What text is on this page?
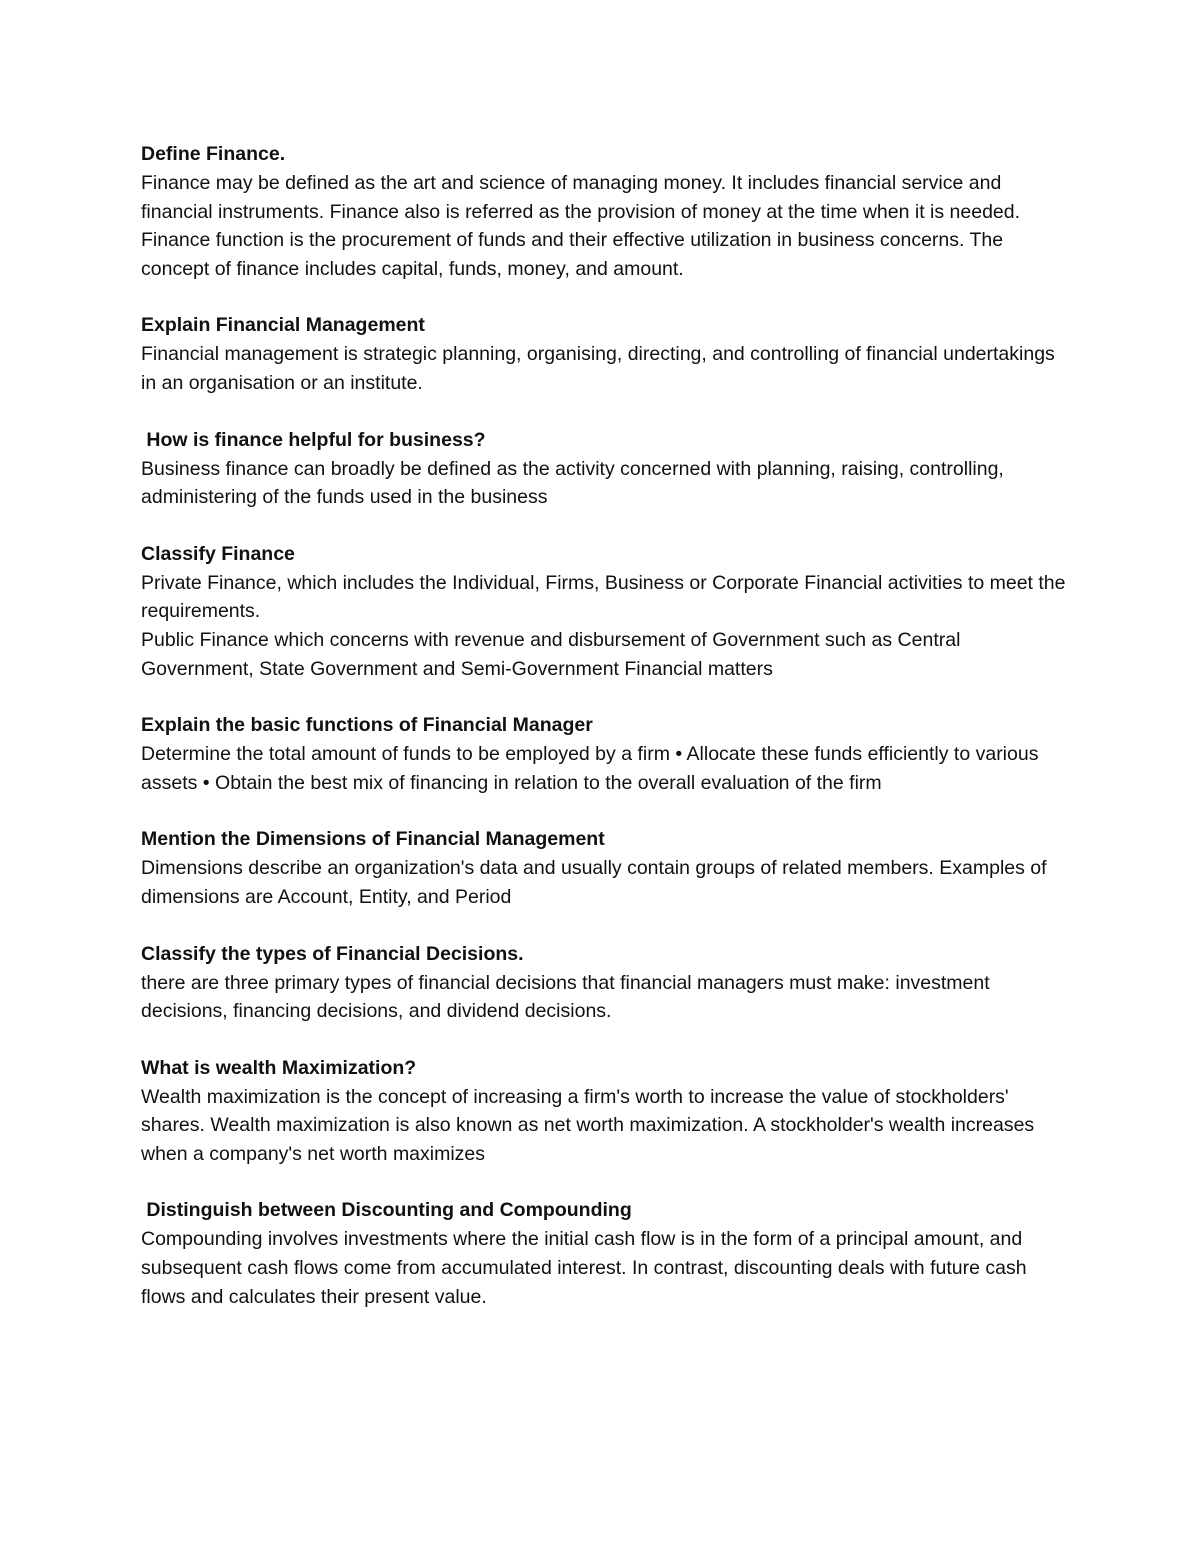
Define Finance.

Finance may be defined as the art and science of managing money. It includes financial service and financial instruments. Finance also is referred as the provision of money at the time when it is needed. Finance function is the procurement of funds and their effective utilization in business concerns. The concept of finance includes capital, funds, money, and amount.

Explain Financial Management

Financial management is strategic planning, organising, directing, and controlling of financial undertakings in an organisation or an institute.

How is finance helpful for business?

Business finance can broadly be defined as the activity concerned with planning, raising, controlling, administering of the funds used in the business

Classify Finance

Private Finance, which includes the Individual, Firms, Business or Corporate Financial activities to meet the requirements.

Public Finance which concerns with revenue and disbursement of Government such as Central Government, State Government and Semi-Government Financial matters

Explain the basic functions of Financial Manager

Determine the total amount of funds to be employed by a firm • Allocate these funds efficiently to various assets • Obtain the best mix of financing in relation to the overall evaluation of the firm

Mention the Dimensions of Financial Management

Dimensions describe an organization's data and usually contain groups of related members. Examples of dimensions are Account, Entity, and Period

Classify the types of Financial Decisions.

there are three primary types of financial decisions that financial managers must make: investment decisions, financing decisions, and dividend decisions.

What is wealth Maximization?

Wealth maximization is the concept of increasing a firm's worth to increase the value of stockholders' shares. Wealth maximization is also known as net worth maximization. A stockholder's wealth increases when a company's net worth maximizes

Distinguish between Discounting and Compounding

Compounding involves investments where the initial cash flow is in the form of a principal amount, and subsequent cash flows come from accumulated interest. In contrast, discounting deals with future cash flows and calculates their present value.
